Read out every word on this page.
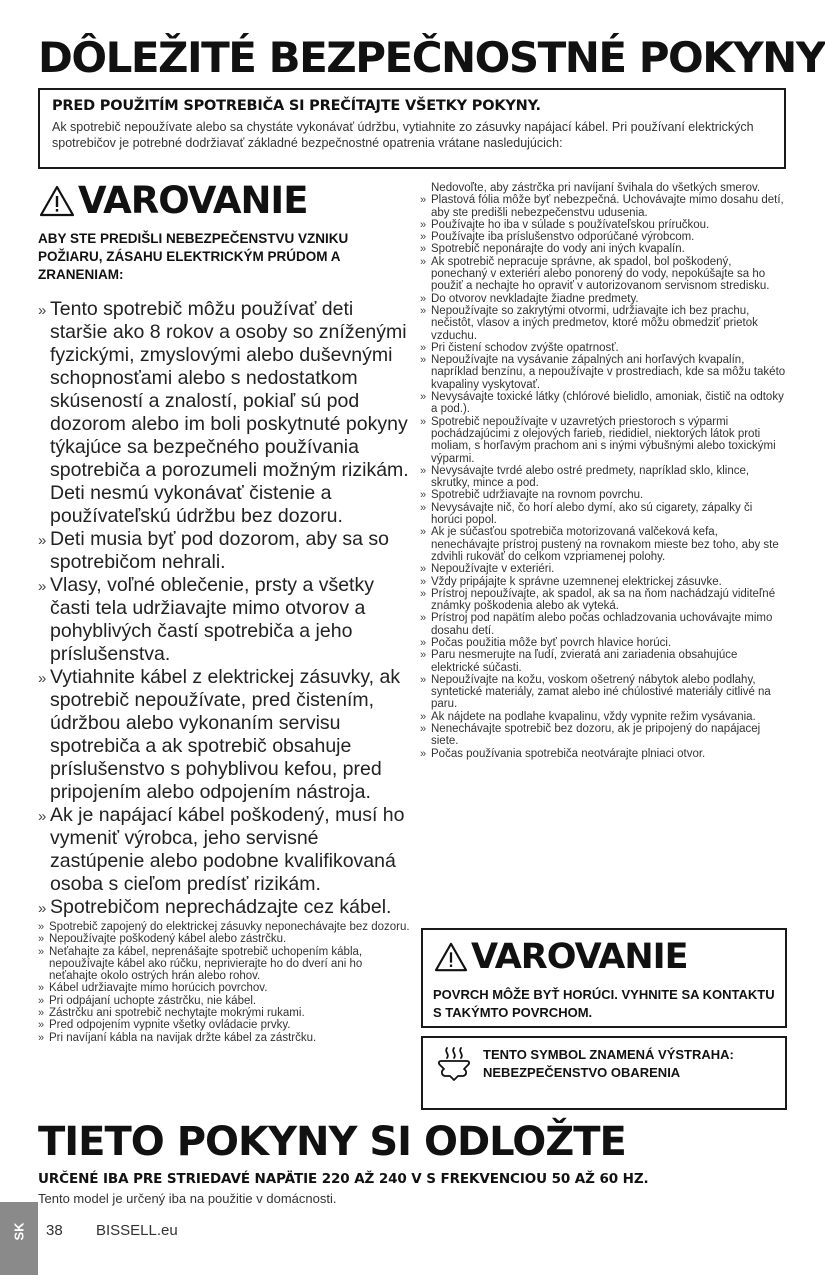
DÔLEŽITÉ BEZPEČNOSTNÉ POKYNY
PRED POUŽITÍM SPOTREBIČA SI PREČÍTAJTE VŠETKY POKYNY.
Ak spotrebič nepoužívate alebo sa chystáte vykonávať údržbu, vytiahnite zo zásuvky napájací kábel. Pri používaní elektrických spotrebičov je potrebné dodržiavať základné bezpečnostné opatrenia vrátane nasledujúcich:
VAROVANIE
ABY STE PREDIŠLI NEBEZPEČENSTVU VZNIKU POŽIARU, ZÁSAHU ELEKTRICKÝM PRÚDOM A ZRANENIAM:
» Tento spotrebič môžu používať deti staršie ako 8 rokov a osoby so zníženými fyzickými, zmyslovými alebo duševnými schopnosťami alebo s nedostatkom skúseností a znalostí, pokiaľ sú pod dozorom alebo im boli poskytnuté pokyny týkajúce sa bezpečného používania spotrebiča a porozumeli možným rizikám. Deti nesmú vykonávať čistenie a používateľskú údržbu bez dozoru.
» Deti musia byť pod dozorom, aby sa so spotrebičom nehrali.
» Vlasy, voľné oblečenie, prsty a všetky časti tela udržiavajte mimo otvorov a pohyblivých častí spotrebiča a jeho príslušenstva.
» Vytiahnite kábel z elektrickej zásuvky, ak spotrebič nepoužívate, pred čistením, údržbou alebo vykonaním servisu spotrebiča a ak spotrebič obsahuje príslušenstvo s pohyblivou kefou, pred pripojením alebo odpojením nástroja.
» Ak je napájací kábel poškodený, musí ho vymeniť výrobca, jeho servisné zastúpenie alebo podobne kvalifikovaná osoba s cieľom predísť rizikám.
» Spotrebičom neprechádzajte cez kábel.
» Spotrebič zapojený do elektrickej zásuvky neponechávajte bez dozoru.
» Nepoužívajte poškodený kábel alebo zástrčku.
» Neťahajte za kábel, neprenášajte spotrebič uchopením kábla, nepoužívajte kábel ako rúčku, neprivierajte ho do dverí ani ho neťahajte okolo ostrých hrán alebo rohov.
» Kábel udržiavajte mimo horúcich povrchov.
» Pri odpájaní uchopte zástrčku, nie kábel.
» Zástrčku ani spotrebič nechytajte mokrými rukami.
» Pred odpojením vypnite všetky ovládacie prvky.
» Pri navíjaní kábla na navijak držte kábel za zástrčku.
Nedovoľte, aby zástrčka pri navíjaní švihala do všetkých smerov.
» Plastová fólia môže byť nebezpečná. Uchovávajte mimo dosahu detí, aby ste predišli nebezpečenstvu udusenia.
» Používajte ho iba v súlade s používateľskou príručkou.
» Používajte iba príslušenstvo odporúčané výrobcom.
» Spotrebič neponárajte do vody ani iných kvapalín.
» Ak spotrebič nepracuje správne, ak spadol, bol poškodený, ponechaný v exteriéri alebo ponorený do vody, nepokúšajte sa ho použiť a nechajte ho opraviť v autorizovanom servisnom stredisku.
» Do otvorov nevkladajte žiadne predmety.
» Nepoužívajte so zakrytými otvormi, udržiavajte ich bez prachu, nečistôt, vlasov a iných predmetov, ktoré môžu obmedziť prietok vzduchu.
» Pri čistení schodov zvýšte opatrnosť.
» Nepoužívajte na vysávanie zápalných ani horľavých kvapalín, napríklad benzínu, a nepoužívajte v prostrediach, kde sa môžu takéto kvapaliny vyskytovať.
» Nevysávajte toxické látky (chlórové bielidlo, amoniak, čistič na odtoky a pod.).
» Spotrebič nepoužívajte v uzavretých priestoroch s výparmi pochádzajúcimi z olejových farieb, riedidiel, niektorých látok proti moliam, s horľavým prachom ani s inými výbušnými alebo toxickými výparmi.
» Nevysávajte tvrdé alebo ostré predmety, napríklad sklo, klince, skrutky, mince a pod.
» Spotrebič udržiavajte na rovnom povrchu.
» Nevysávajte nič, čo horí alebo dymí, ako sú cigarety, zápalky či horúci popol.
» Ak je súčasťou spotrebiča motorizovaná valčeková kefa, nenechávajte prístroj pustený na rovnakom mieste bez toho, aby ste zdvihli rukoväť do celkom vzpriamenej polohy.
» Nepoužívajte v exteriéri.
» Vždy pripájajte k správne uzemnenej elektrickej zásuvke.
» Prístroj nepoužívajte, ak spadol, ak sa na ňom nachádzajú viditeľné známky poškodenia alebo ak vyteká.
» Prístroj pod napätím alebo počas ochladzovania uchovávajte mimo dosahu detí.
» Počas použitia môže byť povrch hlavice horúci.
» Paru nesmerujte na ľudí, zvieratá ani zariadenia obsahujúce elektrické súčasti.
» Nepoužívajte na kožu, voskom ošetrený nábytok alebo podlahy, syntetické materiály, zamat alebo iné chúlostivé materiály citlivé na paru.
» Ak nájdete na podlahe kvapalinu, vždy vypnite režim vysávania.
» Nenechávajte spotrebič bez dozoru, ak je pripojený do napájacej siete.
» Počas používania spotrebiča neotvárajte plniaci otvor.
VAROVANIE
POVRCH MÔŽE BYŤ HORÚCI. VYHNITE SA KONTAKTU S TAKÝMTO POVRCHOM.
TENTO SYMBOL ZNAMENÁ VÝSTRAHA: NEBEZPEČENSTVO OBARENIA
TIETO POKYNY SI ODLOŽTE
URČENÉ IBA PRE STRIEDAVÉ NAPÄTIE 220 AŽ 240 V S FREKVENCIOU 50 AŽ 60 HZ.
Tento model je určený iba na použitie v domácnosti.
SK 38 BISSELL.eu
